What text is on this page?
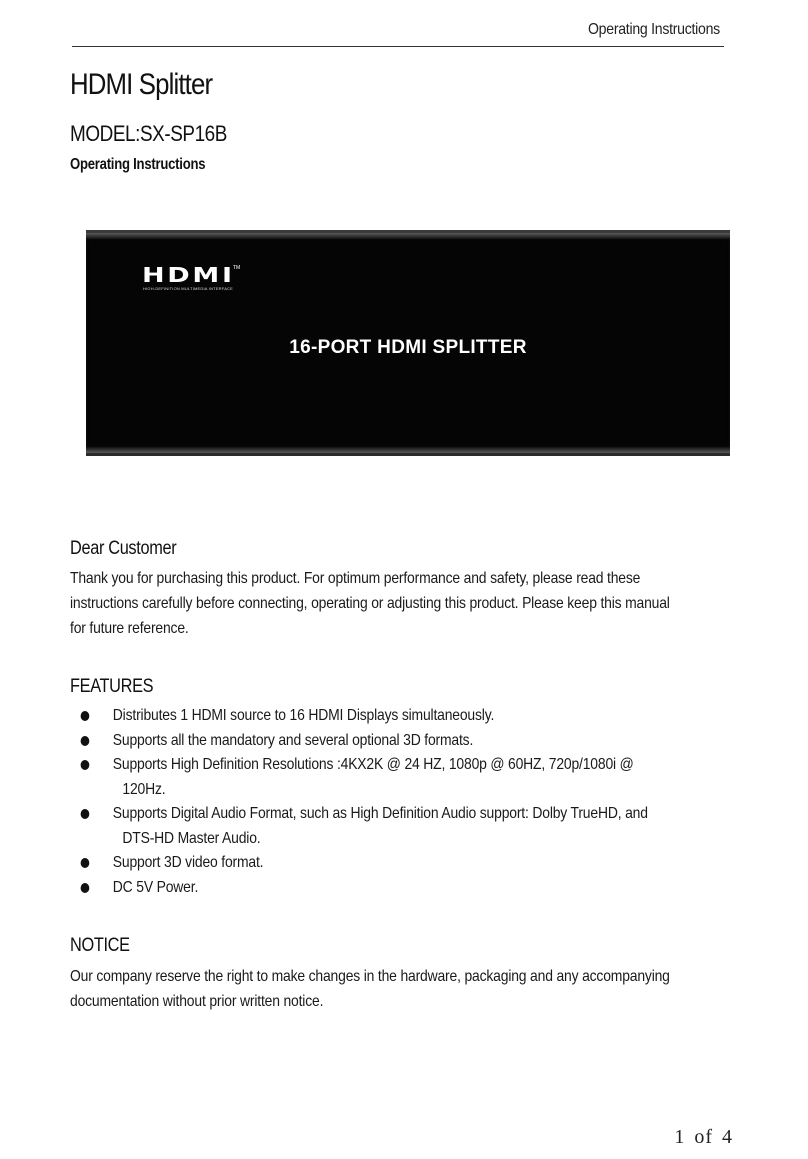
Operating Instructions
HDMI Splitter
MODEL:SX-SP16B
Operating Instructions
HDMI
TM
HIGH-DEFINITION MULTIMEDIA INTERFACE
16-PORT HDMI SPLITTER
Dear Customer
Thank you for purchasing this product. For optimum performance and safety, please read these
instructions carefully before connecting, operating or adjusting this product. Please keep this manual
for future reference.
FEATURES
Distributes 1 HDMI source to 16 HDMI Displays simultaneously.
Supports all the mandatory and several optional 3D formats.
Supports High Definition Resolutions :4KX2K @ 24 HZ, 1080p @ 60HZ, 720p/1080i @
120Hz.
Supports Digital Audio Format, such as High Definition Audio support: Dolby TrueHD, and
DTS-HD Master Audio.
Support 3D video format.
DC 5V Power.
NOTICE
Our company reserve the right to make changes in the hardware, packaging and any accompanying
documentation without prior written notice.
1 of 4
